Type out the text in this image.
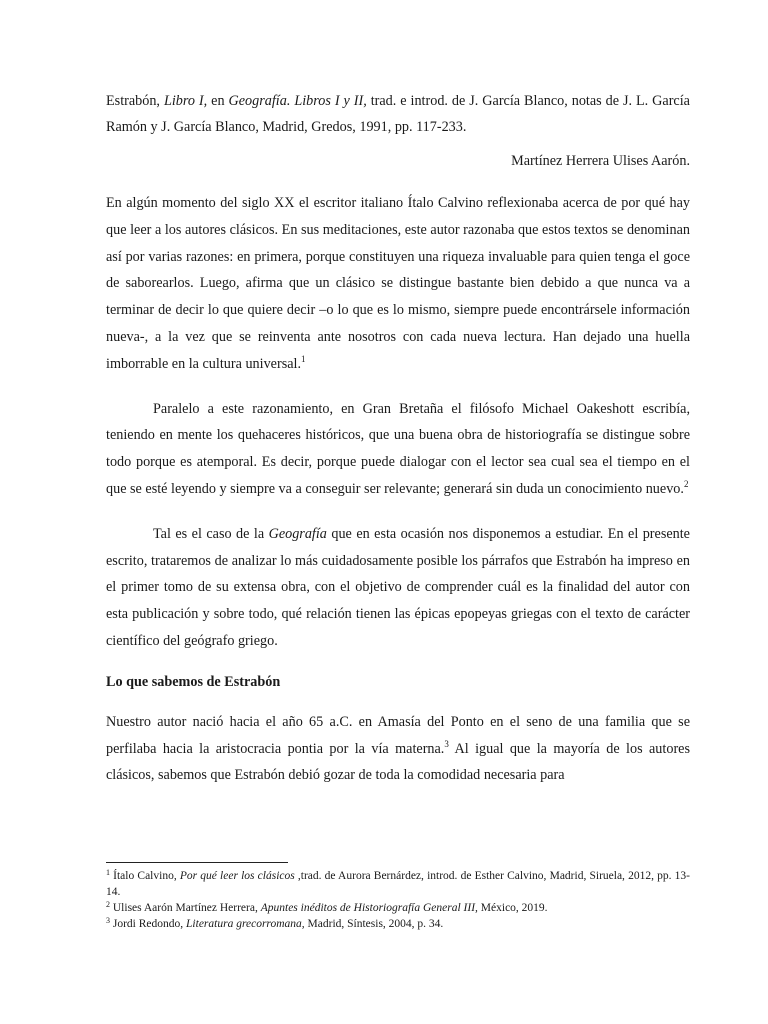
Estrabón, Libro I, en Geografía. Libros I y II, trad. e introd. de J. García Blanco, notas de J. L. García Ramón y J. García Blanco, Madrid, Gredos, 1991, pp. 117-233.

Martínez Herrera Ulises Aarón.

En algún momento del siglo XX el escritor italiano Ítalo Calvino reflexionaba acerca de por qué hay que leer a los autores clásicos. En sus meditaciones, este autor razonaba que estos textos se denominan así por varias razones: en primera, porque constituyen una riqueza invaluable para quien tenga el goce de saborearlos. Luego, afirma que un clásico se distingue bastante bien debido a que nunca va a terminar de decir lo que quiere decir –o lo que es lo mismo, siempre puede encontrársele información nueva-, a la vez que se reinventa ante nosotros con cada nueva lectura. Han dejado una huella imborrable en la cultura universal.$^1$

Paralelo a este razonamiento, en Gran Bretaña el filósofo Michael Oakeshott escribía, teniendo en mente los quehaceres históricos, que una buena obra de historiografía se distingue sobre todo porque es atemporal. Es decir, porque puede dialogar con el lector sea cual sea el tiempo en el que se esté leyendo y siempre va a conseguir ser relevante; generará sin duda un conocimiento nuevo.$^2$

Tal es el caso de la Geografía que en esta ocasión nos disponemos a estudiar. En el presente escrito, trataremos de analizar lo más cuidadosamente posible los párrafos que Estrabón ha impreso en el primer tomo de su extensa obra, con el objetivo de comprender cuál es la finalidad del autor con esta publicación y sobre todo, qué relación tienen las épicas epopeyas griegas con el texto de carácter científico del geógrafo griego.

Lo que sabemos de Estrabón

Nuestro autor nació hacia el año 65 a.C. en Amasía del Ponto en el seno de una familia que se perfilaba hacia la aristocracia pontia por la vía materna.$^3$ Al igual que la mayoría de los autores clásicos, sabemos que Estrabón debió gozar de toda la comodidad necesaria para

$^1$ Ítalo Calvino, Por qué leer los clásicos ,trad. de Aurora Bernárdez, introd. de Esther Calvino, Madrid, Siruela, 2012, pp. 13-14.

$^2$ Ulises Aarón Martínez Herrera, Apuntes inéditos de Historiografía General III, México, 2019.

$^3$ Jordi Redondo, Literatura grecorromana, Madrid, Síntesis, 2004, p. 34.
